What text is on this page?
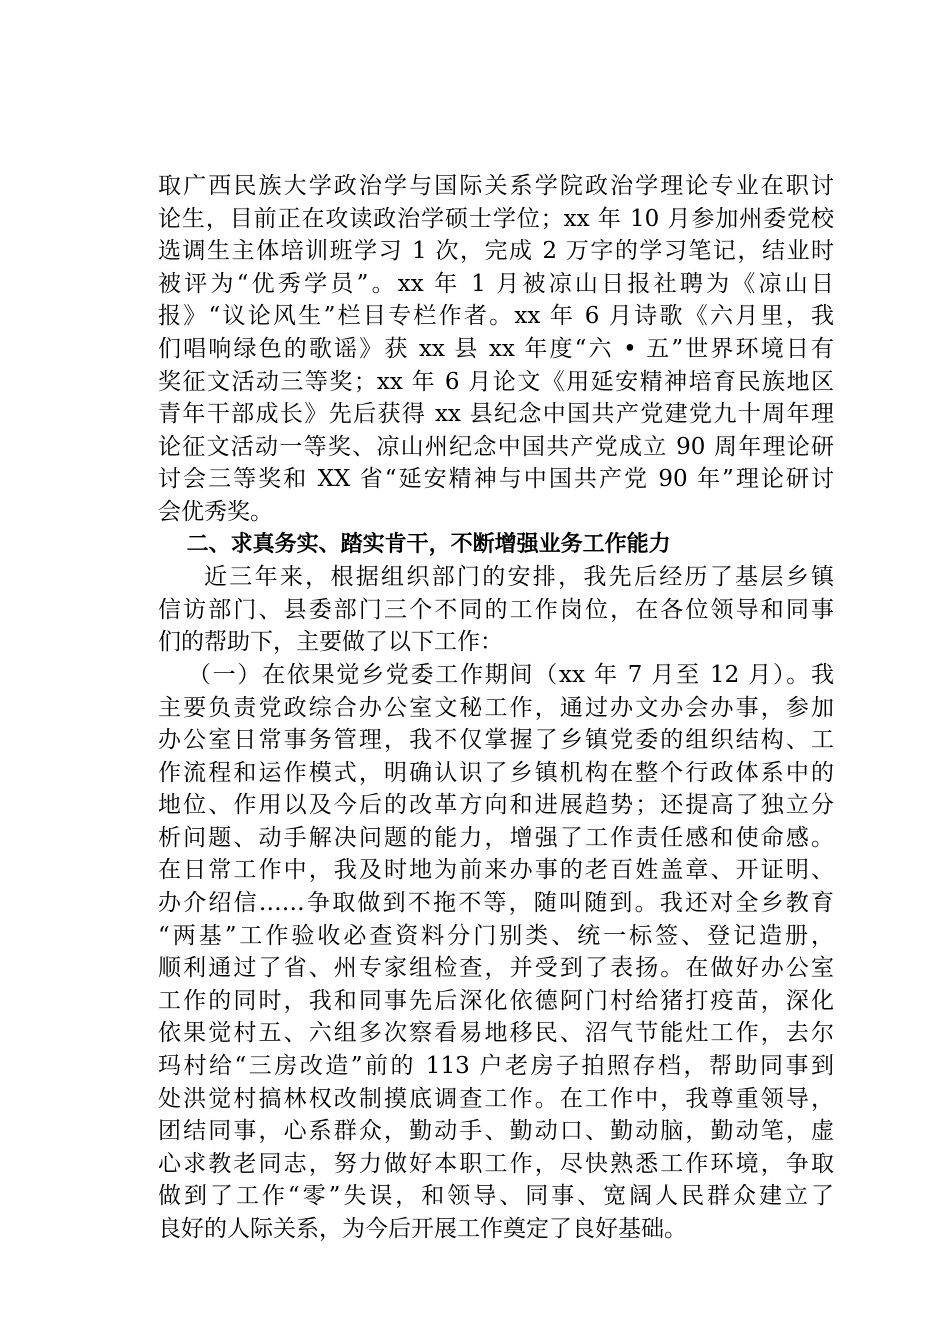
取广西民族大学政治学与国际关系学院政治学理论专业在职讨
论生，目前正在攻读政治学硕士学位；xx 年 10 月参加州委党校
选调生主体培训班学习 1 次，完成 2 万字的学习笔记，结业时
被评为“优秀学员”。xx 年 1 月被凉山日报社聘为《凉山日
报》“议论风生”栏目专栏作者。xx 年 6 月诗歌《六月里，我
们唱响绿色的歌谣》获 xx 县 xx 年度“六 • 五”世界环境日有
奖征文活动三等奖；xx 年 6 月论文《用延安精神培育民族地区
青年干部成长》先后获得 xx 县纪念中国共产党建党九十周年理
论征文活动一等奖、凉山州纪念中国共产党成立 90 周年理论研
讨会三等奖和 XX 省“延安精神与中国共产党 90 年”理论研讨
会优秀奖。
二、求真务实、踏实肯干，不断增强业务工作能力
近三年来，根据组织部门的安排，我先后经历了基层乡镇
信访部门、县委部门三个不同的工作岗位，在各位领导和同事
们的帮助下，主要做了以下工作：
（一）在依果觉乡党委工作期间（xx 年 7 月至 12 月）。我
主要负责党政综合办公室文秘工作，通过办文办会办事，参加
办公室日常事务管理，我不仅掌握了乡镇党委的组织结构、工
作流程和运作模式，明确认识了乡镇机构在整个行政体系中的
地位、作用以及今后的改革方向和进展趋势；还提高了独立分
析问题、动手解决问题的能力，增强了工作责任感和使命感。
在日常工作中，我及时地为前来办事的老百姓盖章、开证明、
办介绍信……争取做到不拖不等，随叫随到。我还对全乡教育
“两基”工作验收必查资料分门别类、统一标签、登记造册，
顺利通过了省、州专家组检查，并受到了表扬。在做好办公室
工作的同时，我和同事先后深化依德阿门村给猪打疫苗，深化
依果觉村五、六组多次察看易地移民、沼气节能灶工作，去尔
玛村给“三房改造”前的 113 户老房子拍照存档，帮助同事到
处洪觉村搞林权改制摸底调查工作。在工作中，我尊重领导，
团结同事，心系群众，勤动手、勤动口、勤动脑，勤动笔，虚
心求教老同志，努力做好本职工作，尽快熟悉工作环境，争取
做到了工作“零”失误，和领导、同事、宽阔人民群众建立了
良好的人际关系，为今后开展工作奠定了良好基础。
